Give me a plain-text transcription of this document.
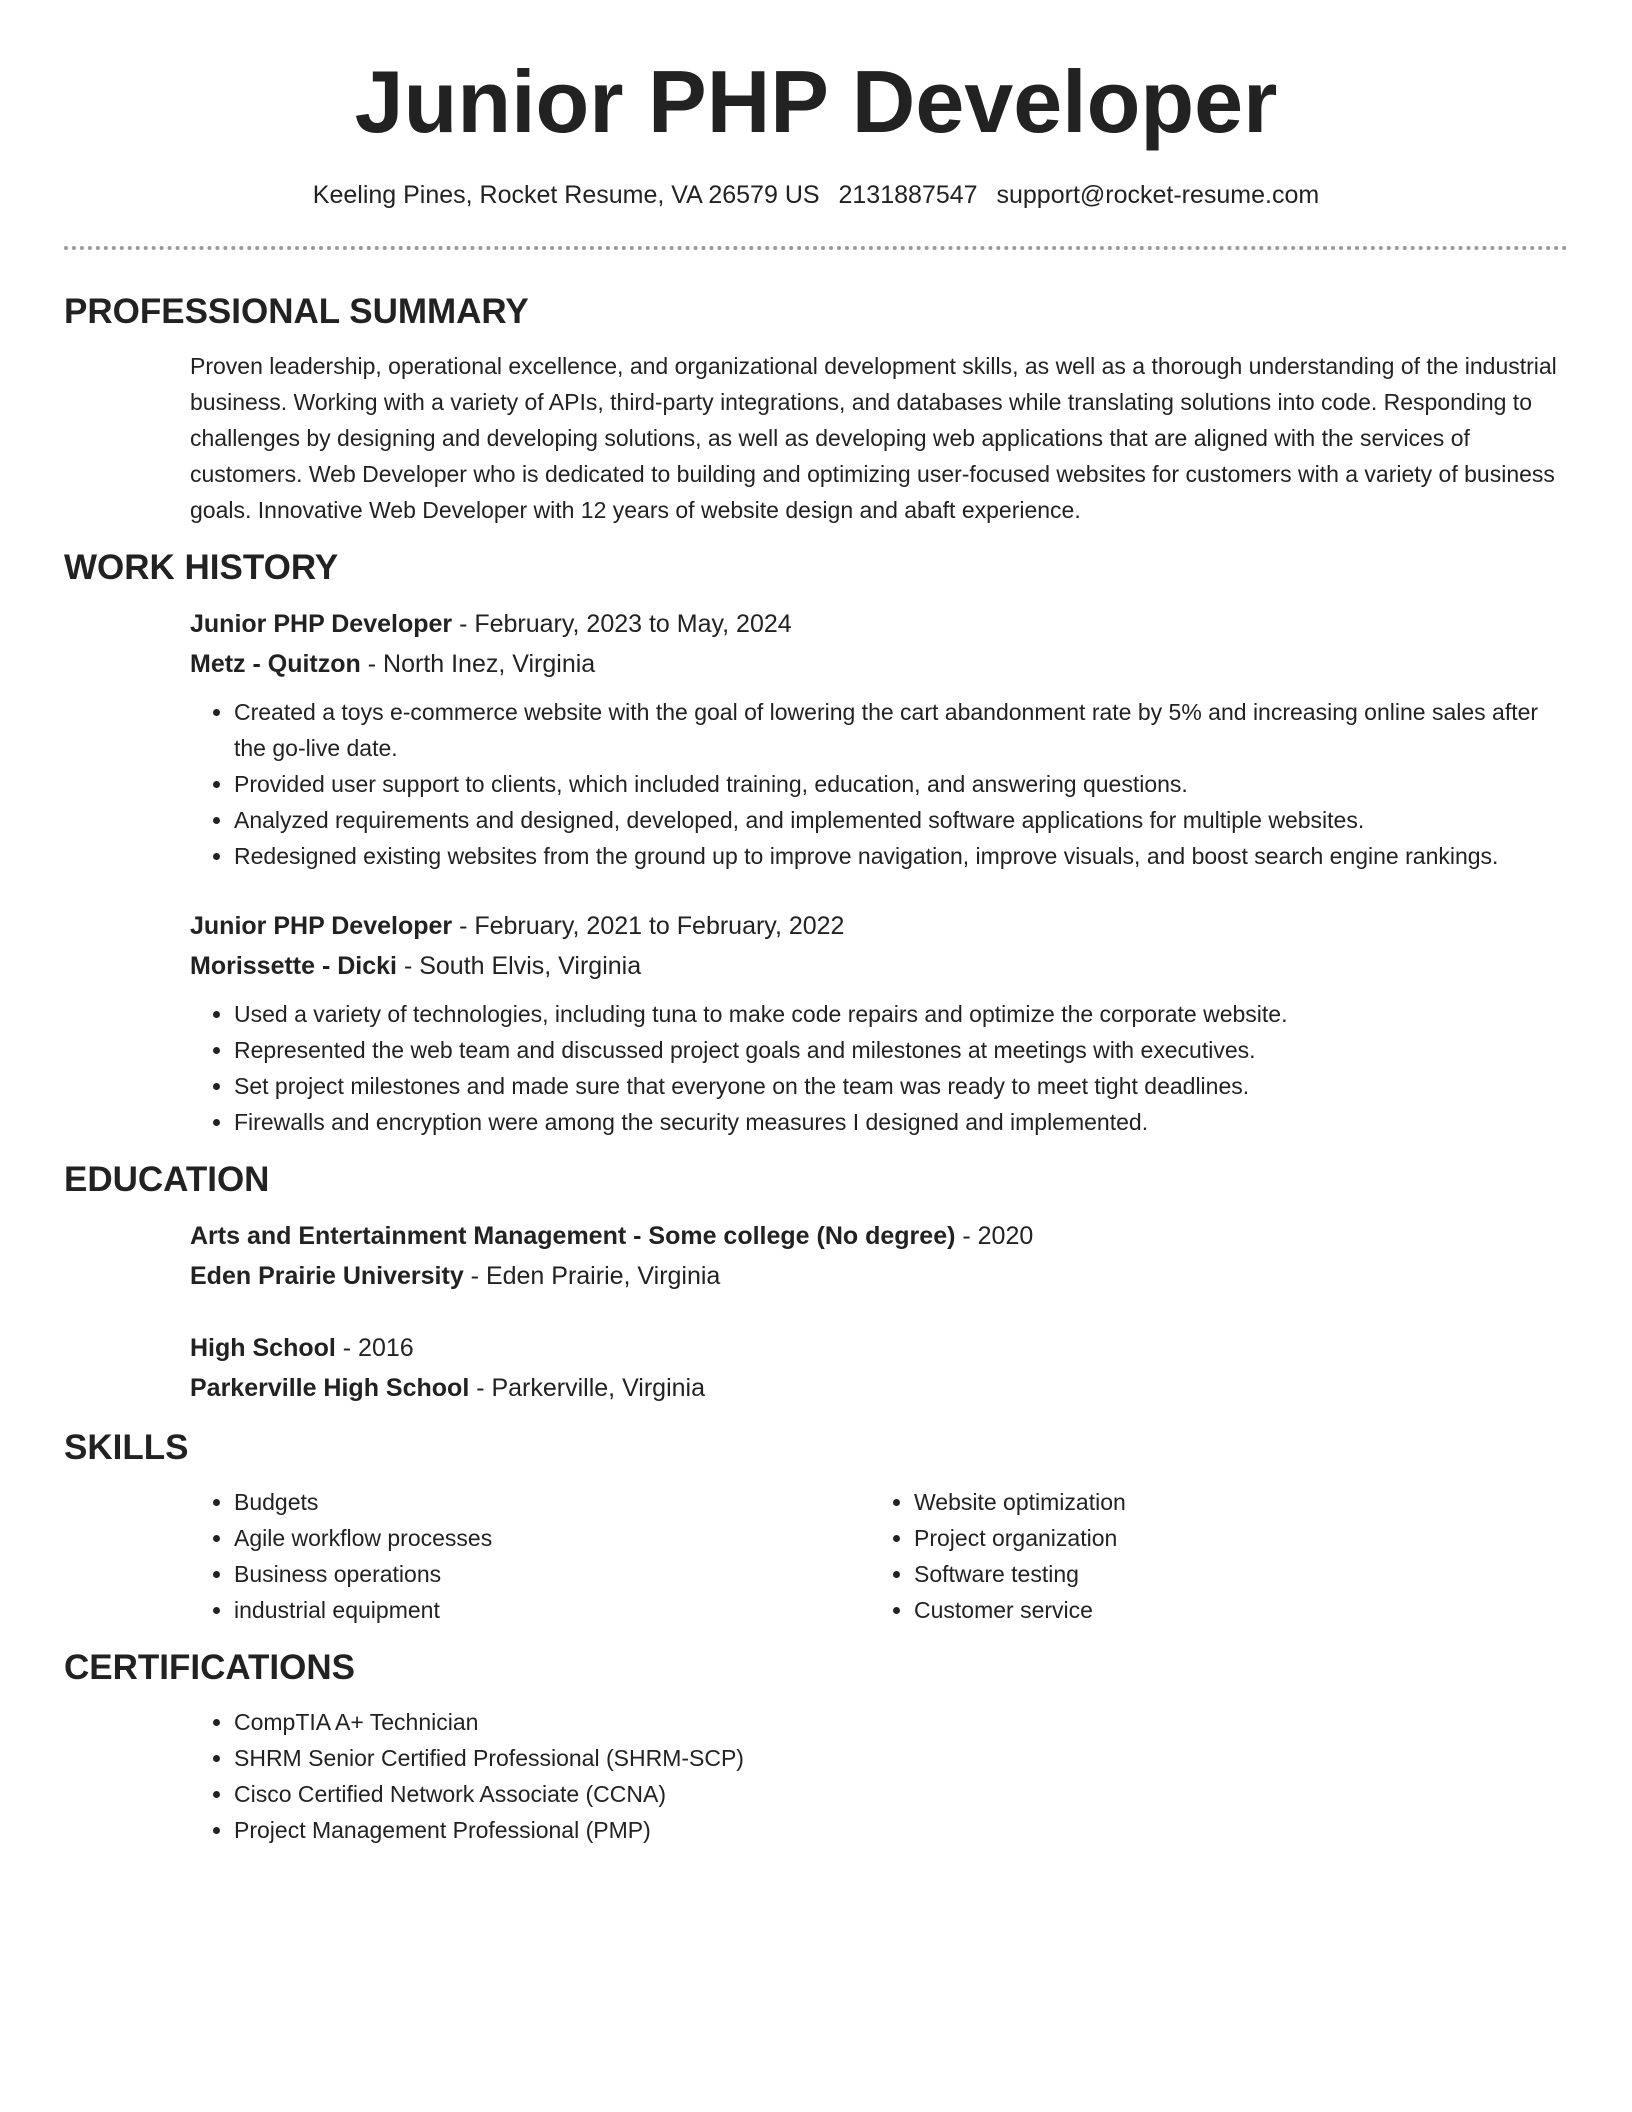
Junior PHP Developer
Keeling Pines, Rocket Resume, VA 26579 US 2131887547 support@rocket-resume.com
PROFESSIONAL SUMMARY

Proven leadership, operational excellence, and organizational development skills, as well as a thorough understanding of the industrial business. Working with a variety of APIs, third-party integrations, and databases while translating solutions into code. Responding to challenges by designing and developing solutions, as well as developing web applications that are aligned with the services of customers. Web Developer who is dedicated to building and optimizing user-focused websites for customers with a variety of business goals. Innovative Web Developer with 12 years of website design and abaft experience.

WORK HISTORY

Junior PHP Developer - February, 2023 to May, 2024

Metz - Quitzon - North Inez, Virginia

• Created a toys e-commerce website with the goal of lowering the cart abandonment rate by 5% and increasing online sales after the go-live date.
• Provided user support to clients, which included training, education, and answering questions.
• Analyzed requirements and designed, developed, and implemented software applications for multiple websites.
• Redesigned existing websites from the ground up to improve navigation, improve visuals, and boost search engine rankings.

Junior PHP Developer - February, 2021 to February, 2022

Morissette - Dicki - South Elvis, Virginia

• Used a variety of technologies, including tuna to make code repairs and optimize the corporate website.
• Represented the web team and discussed project goals and milestones at meetings with executives.
• Set project milestones and made sure that everyone on the team was ready to meet tight deadlines.
• Firewalls and encryption were among the security measures I designed and implemented.
EDUCATION

Arts and Entertainment Management - Some college (No degree) - 2020

Eden Prairie University - Eden Prairie, Virginia

High School - 2016

Parkerville High School - Parkerville, Virginia

SKILLS
• Budgets
• Agile workflow processes
• Business operations
• industrial equipment
• Website optimization
• Project organization
• Software testing
• Customer service
CERTIFICATIONS
• CompTIA A+ Technician
• SHRM Senior Certified Professional (SHRM-SCP)
• Cisco Certified Network Associate (CCNA)
• Project Management Professional (PMP)
